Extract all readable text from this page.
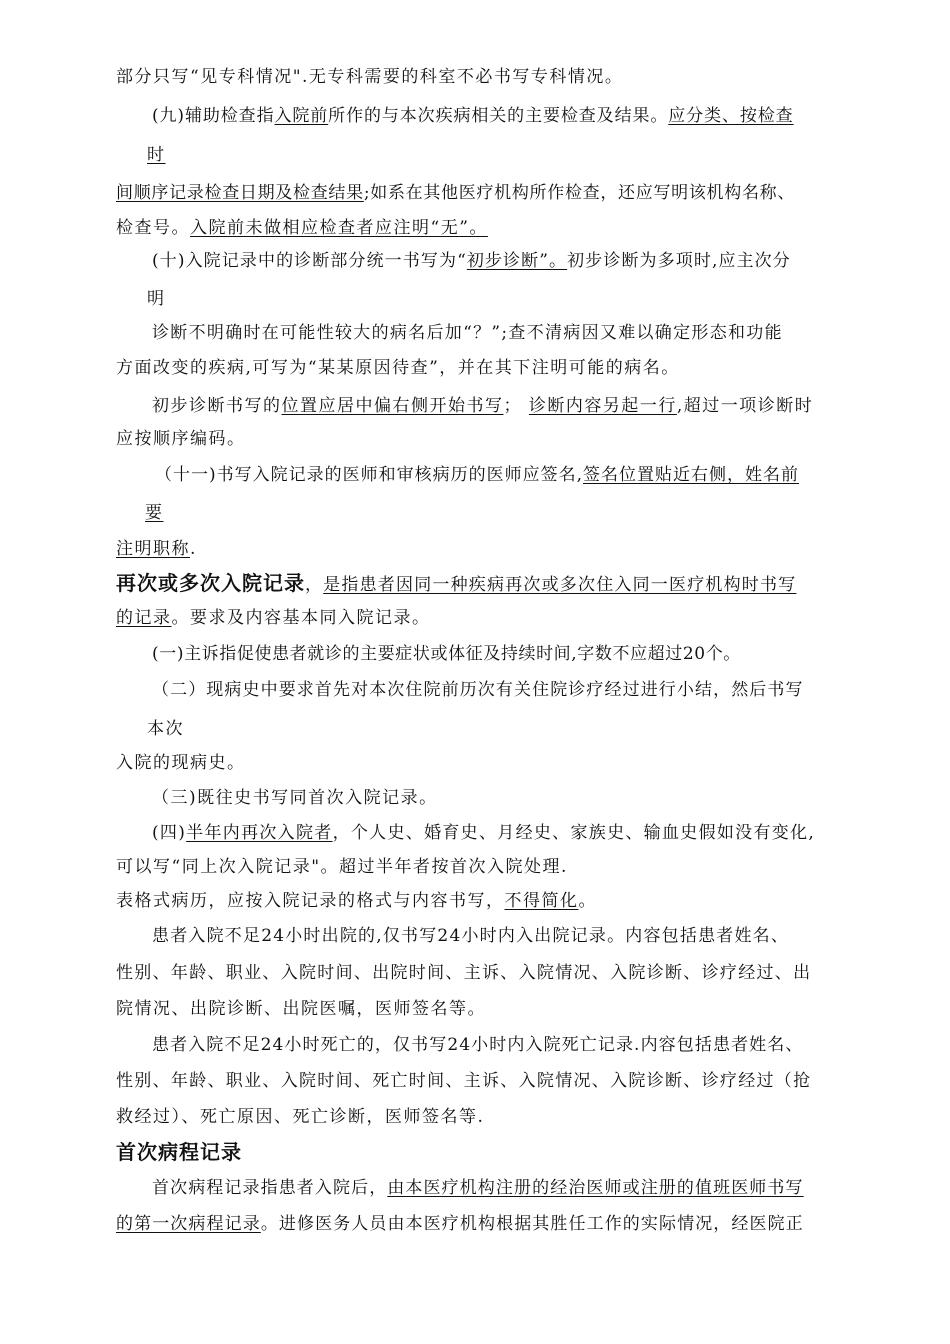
部分只写“见专科情况".无专科需要的科室不必书写专科情况。
(九)辅助检查指入院前所作的与本次疾病相关的主要检查及结果。应分类、按检查
时
间顺序记录检查日期及检查结果;如系在其他医疗机构所作检查，还应写明该机构名称、
检查号。入院前未做相应检查者应注明“无”。
(十)入院记录中的诊断部分统一书写为“初步诊断”。初步诊断为多项时,应主次分
明
诊断不明确时在可能性较大的病名后加“？”;查不清病因又难以确定形态和功能
方面改变的疾病,可写为“某某原因待查”，并在其下注明可能的病名。
初步诊断书写的位置应居中偏右侧开始书写； 诊断内容另起一行,超过一项诊断时
应按顺序编码。
（十一)书写入院记录的医师和审核病历的医师应签名,签名位置贴近右侧，姓名前
要
注明职称.
再次或多次入院记录，是指患者因同一种疾病再次或多次住入同一医疗机构时书写
的记录。要求及内容基本同入院记录。
(一)主诉指促使患者就诊的主要症状或体征及持续时间,字数不应超过20个。
（二）现病史中要求首先对本次住院前历次有关住院诊疗经过进行小结，然后书写
本次
入院的现病史。
（三)既往史书写同首次入院记录。
(四)半年内再次入院者，个人史、婚育史、月经史、家族史、输血史假如没有变化,
可以写“同上次入院记录"。超过半年者按首次入院处理.
表格式病历，应按入院记录的格式与内容书写，不得简化。
患者入院不足24小时出院的,仅书写24小时内入出院记录。内容包括患者姓名、
性别、年龄、职业、入院时间、出院时间、主诉、入院情况、入院诊断、诊疗经过、出
院情况、出院诊断、出院医嘱，医师签名等。
患者入院不足24小时死亡的，仅书写24小时内入院死亡记录.内容包括患者姓名、
性别、年龄、职业、入院时间、死亡时间、主诉、入院情况、入院诊断、诊疗经过（抢
救经过）、死亡原因、死亡诊断，医师签名等.
首次病程记录
首次病程记录指患者入院后，由本医疗机构注册的经治医师或注册的值班医师书写
的第一次病程记录。进修医务人员由本医疗机构根据其胜任工作的实际情况，经医院正
